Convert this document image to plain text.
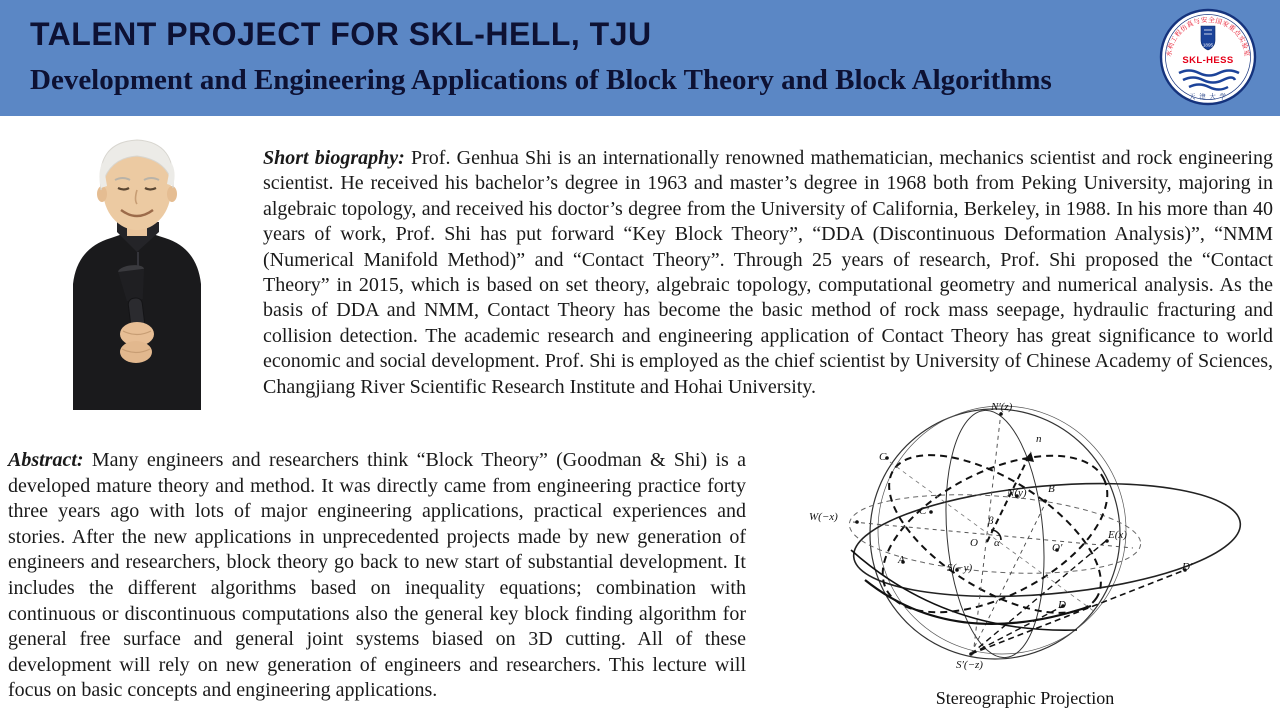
TALENT PROJECT FOR SKL-HELL, TJU
Development and Engineering Applications of Block Theory and Block Algorithms
水利工程仿真与安全国家重点实验室
1895
SKL-HESS
天 津 大 学

Short biography: Prof. Genhua Shi is an internationally renowned mathematician, mechanics scientist and rock engineering scientist. He received his bachelor’s degree in 1963 and master’s degree in 1968 both from Peking University, majoring in algebraic topology, and received his doctor’s degree from the University of California, Berkeley, in 1988. In his more than 40 years of work, Prof. Shi has put forward “Key Block Theory”, “DDA (Discontinuous Deformation Analysis)”, “NMM (Numerical Manifold Method)” and “Contact Theory”. Through 25 years of research, Prof. Shi proposed the “Contact Theory” in 2015, which is based on set theory, algebraic topology, computational geometry and numerical analysis. As the basis of DDA and NMM, Contact Theory has become the basic method of rock mass seepage, hydraulic fracturing and collision detection. The academic research and engineering application of Contact Theory has great significance to world economic and social development. Prof. Shi is employed as the chief scientist by University of Chinese Academy of Sciences, Changjiang River Scientific Research Institute and Hohai University.

Abstract: Many engineers and researchers think “Block Theory” (Goodman & Shi) is a developed mature theory and method. It was directly came from engineering practice forty three years ago with lots of major engineering applications, practical experiences and stories. After the new applications in unprecedented projects made by new generation of engineers and researchers, block theory go back to new start of substantial development. It includes the different algorithms based on inequality equations; combination with continuous or discontinuous computations also the general key block finding algorithm for general free surface and general joint systems biased on 3D cutting. All of these development will rely on new generation of engineers and researchers. This lecture will focus on basic concepts and engineering applications.

N′(z)
n
C
W(−x)	C′
N(y) B
β
O α	O′
E(x)
A
S(−y)	D′
D
S′(−z)
Stereographic Projection
